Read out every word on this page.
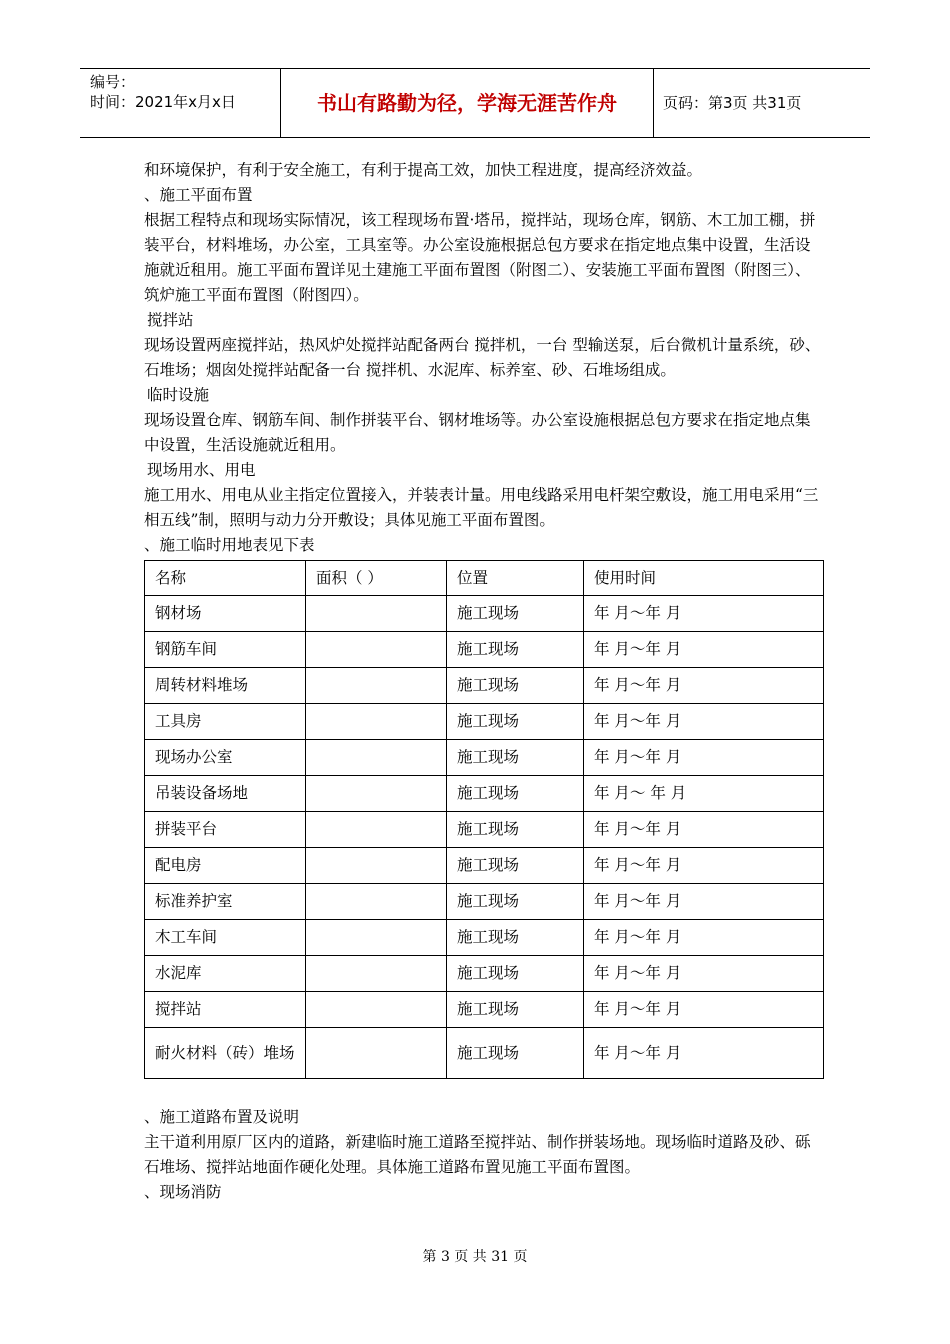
编号：
时间：2021年x月x日	书山有路勤为径，学海无涯苦作舟	页码：第3页 共31页

和环境保护，有利于安全施工，有利于提高工效，加快工程进度，提高经济效益。

、施工平面布置

根据工程特点和现场实际情况，该工程现场布置·塔吊，搅拌站，现场仓库，钢筋、木工加工棚，拼装平台，材料堆场，办公室，工具室等。办公室设施根据总包方要求在指定地点集中设置，生活设施就近租用。施工平面布置详见土建施工平面布置图（附图二）、安装施工平面布置图（附图三）、筑炉施工平面布置图（附图四）。

搅拌站

现场设置两座搅拌站，热风炉处搅拌站配备两台 搅拌机，一台 型输送泵，后台微机计量系统，砂、石堆场；烟囱处搅拌站配备一台 搅拌机、水泥库、标养室、砂、石堆场组成。

临时设施

现场设置仓库、钢筋车间、制作拼装平台、钢材堆场等。办公室设施根据总包方要求在指定地点集中设置，生活设施就近租用。

现场用水、用电

施工用水、用电从业主指定位置接入，并装表计量。用电线路采用电杆架空敷设，施工用电采用“三相五线”制，照明与动力分开敷设；具体见施工平面布置图。

、施工临时用地表见下表

名称	面积（ ）	位置	使用时间
钢材场		施工现场	年 月～年 月
钢筋车间		施工现场	年 月～年 月
周转材料堆场		施工现场	年 月～年 月
工具房		施工现场	年 月～年 月
现场办公室		施工现场	年 月～年 月
吊装设备场地		施工现场	年 月～ 年 月
拼装平台		施工现场	年 月～年 月
配电房		施工现场	年 月～年 月
标准养护室		施工现场	年 月～年 月
木工车间		施工现场	年 月～年 月
水泥库		施工现场	年 月～年 月
搅拌站		施工现场	年 月～年 月
耐火材料（砖）堆场		施工现场	年 月～年 月

、施工道路布置及说明

主干道利用原厂区内的道路，新建临时施工道路至搅拌站、制作拼装场地。现场临时道路及砂、砾石堆场、搅拌站地面作硬化处理。具体施工道路布置见施工平面布置图。

、现场消防

第 3 页 共 31 页
